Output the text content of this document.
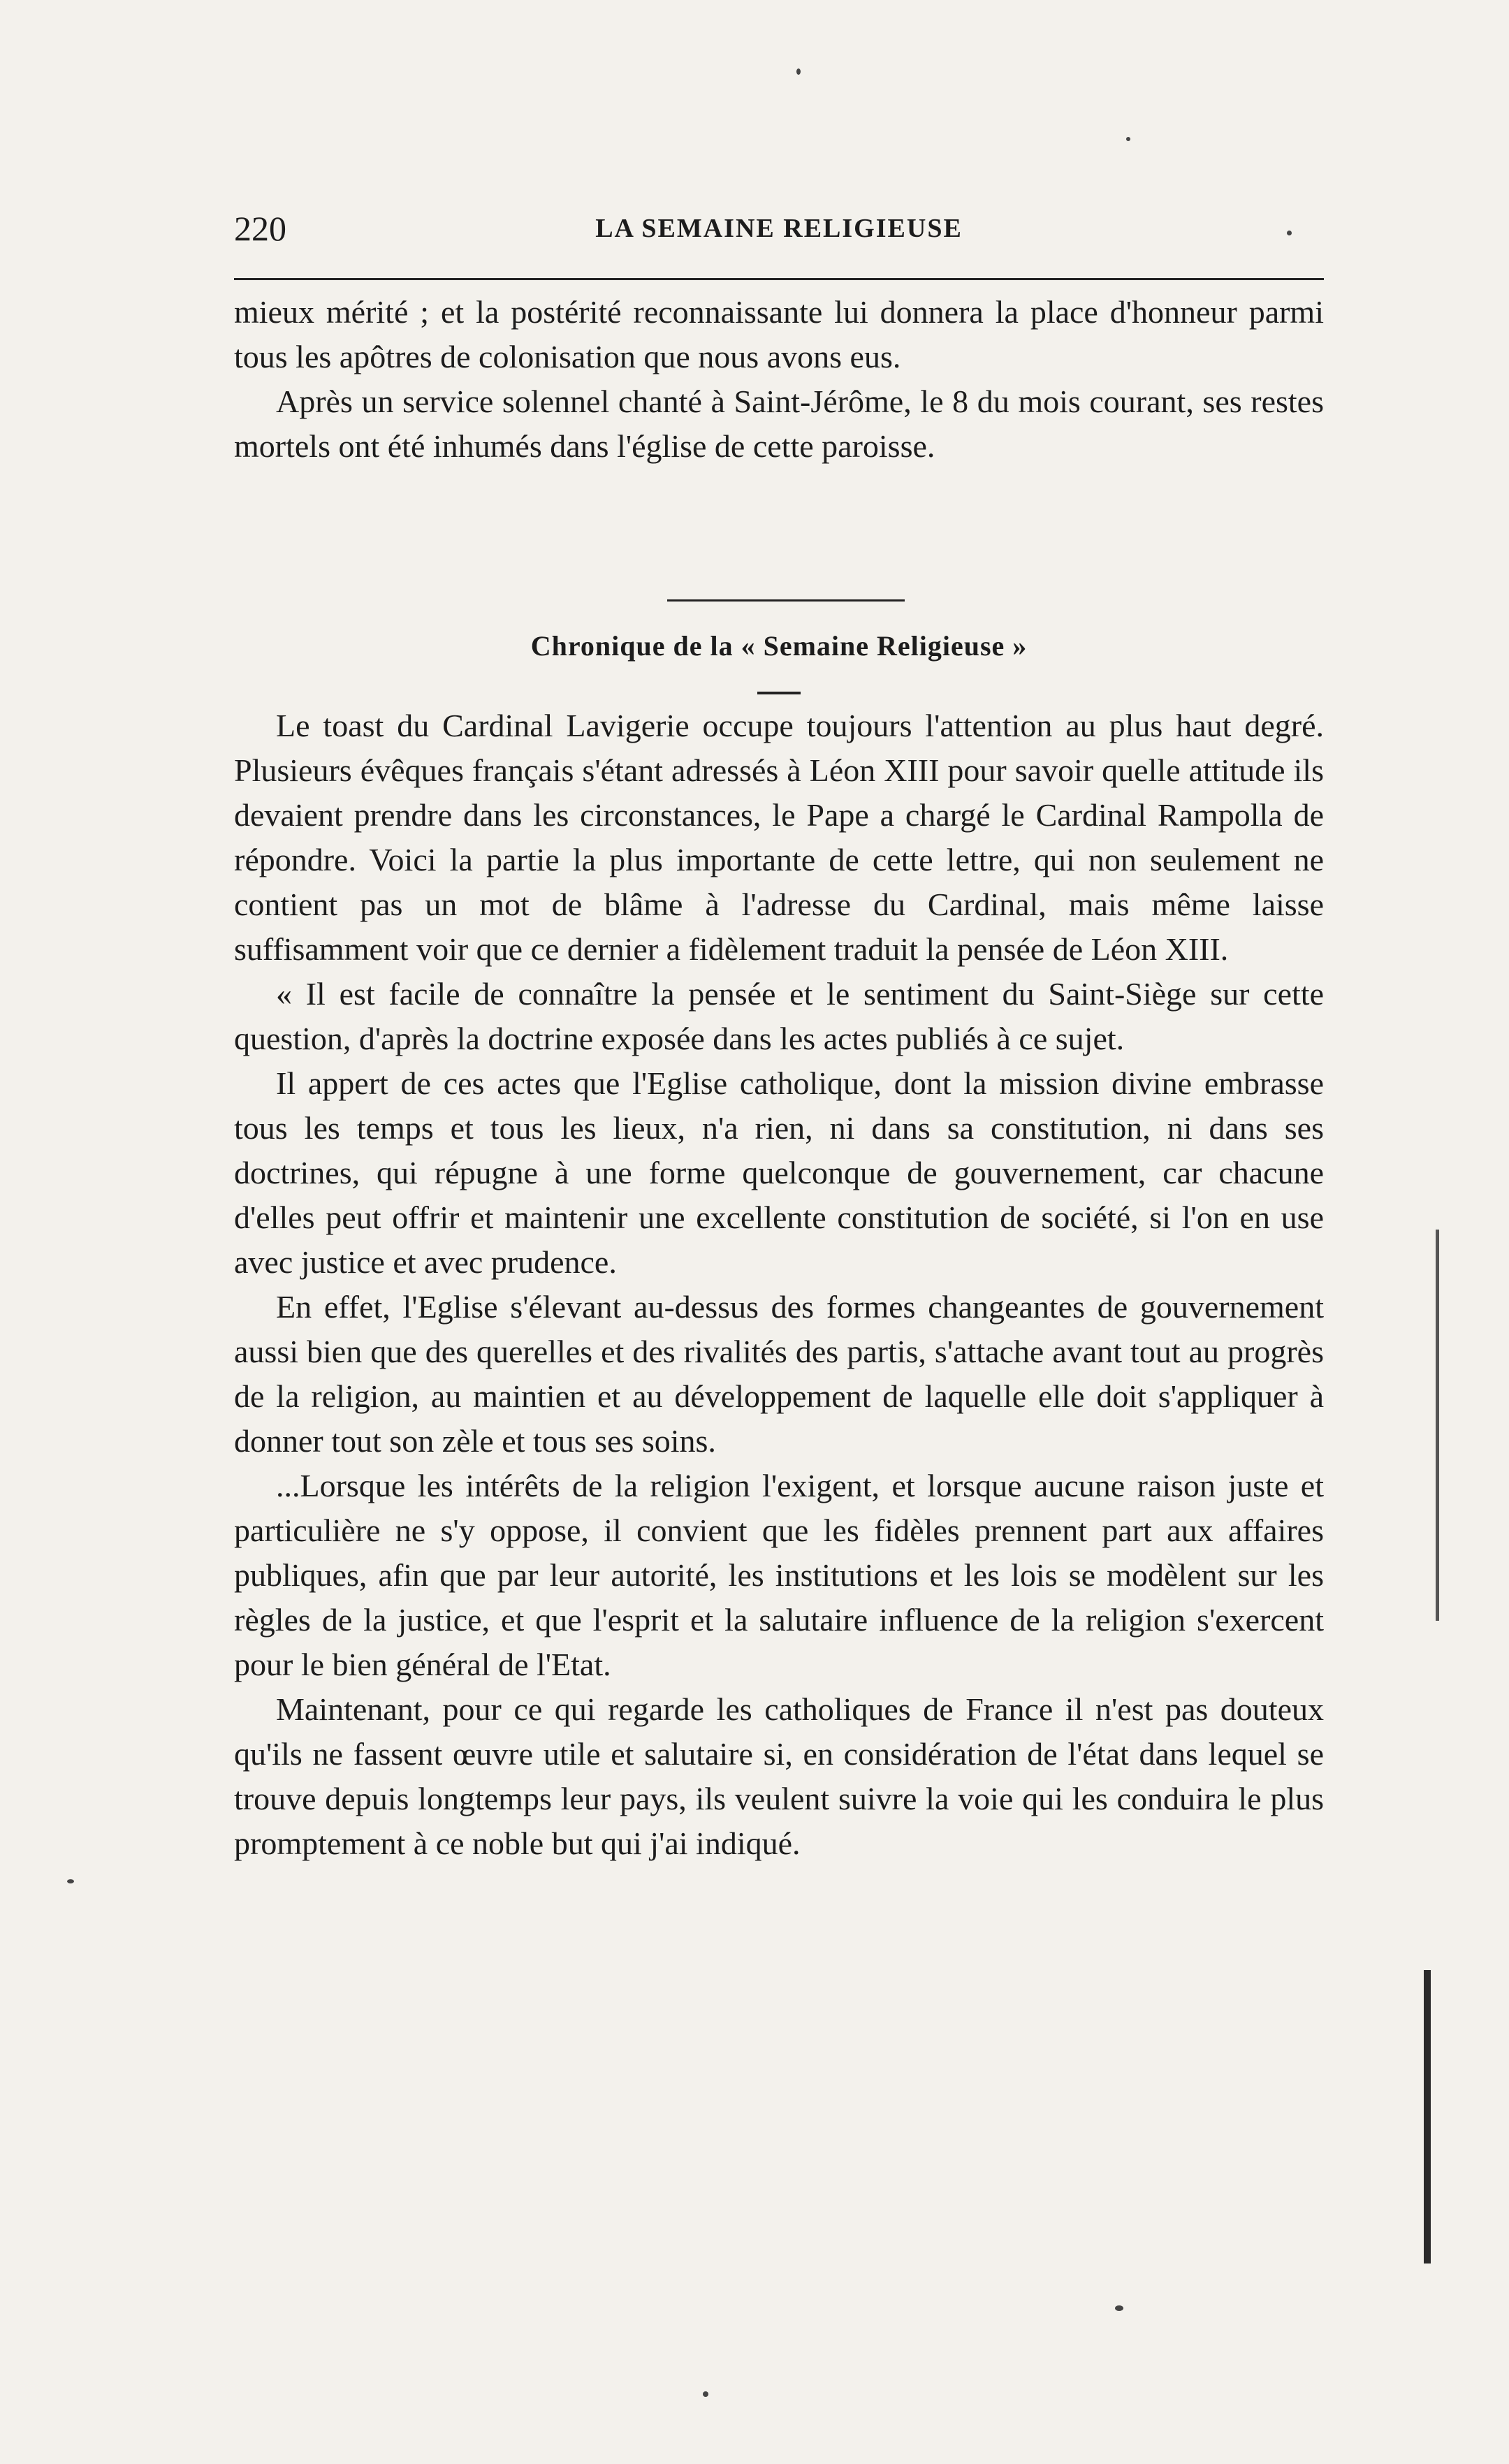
220	LA SEMAINE RELIGIEUSE

mieux mérité ; et la postérité reconnaissante lui donnera la place d'honneur parmi tous les apôtres de colonisation que nous avons eus.

Après un service solennel chanté à Saint-Jérôme, le 8 du mois courant, ses restes mortels ont été inhumés dans l'église de cette paroisse.

Chronique de la « Semaine Religieuse »

Le toast du Cardinal Lavigerie occupe toujours l'attention au plus haut degré. Plusieurs évêques français s'étant adressés à Léon XIII pour savoir quelle attitude ils devaient prendre dans les circonstances, le Pape a chargé le Cardinal Rampolla de répondre. Voici la partie la plus importante de cette lettre, qui non seulement ne contient pas un mot de blâme à l'adresse du Cardinal, mais même laisse suffisamment voir que ce dernier a fidèlement traduit la pensée de Léon XIII.

« Il est facile de connaître la pensée et le sentiment du Saint-Siège sur cette question, d'après la doctrine exposée dans les actes publiés à ce sujet.

Il appert de ces actes que l'Eglise catholique, dont la mission divine embrasse tous les temps et tous les lieux, n'a rien, ni dans sa constitution, ni dans ses doctrines, qui répugne à une forme quelconque de gouvernement, car chacune d'elles peut offrir et maintenir une excellente constitution de société, si l'on en use avec justice et avec prudence.

En effet, l'Eglise s'élevant au-dessus des formes changeantes de gouvernement aussi bien que des querelles et des rivalités des partis, s'attache avant tout au progrès de la religion, au maintien et au développement de laquelle elle doit s'appliquer à donner tout son zèle et tous ses soins.

...Lorsque les intérêts de la religion l'exigent, et lorsque aucune raison juste et particulière ne s'y oppose, il convient que les fidèles prennent part aux affaires publiques, afin que par leur autorité, les institutions et les lois se modèlent sur les règles de la justice, et que l'esprit et la salutaire influence de la religion s'exercent pour le bien général de l'Etat.

Maintenant, pour ce qui regarde les catholiques de France il n'est pas douteux qu'ils ne fassent œuvre utile et salutaire si, en considération de l'état dans lequel se trouve depuis longtemps leur pays, ils veulent suivre la voie qui les conduira le plus promptement à ce noble but qui j'ai indiqué.
